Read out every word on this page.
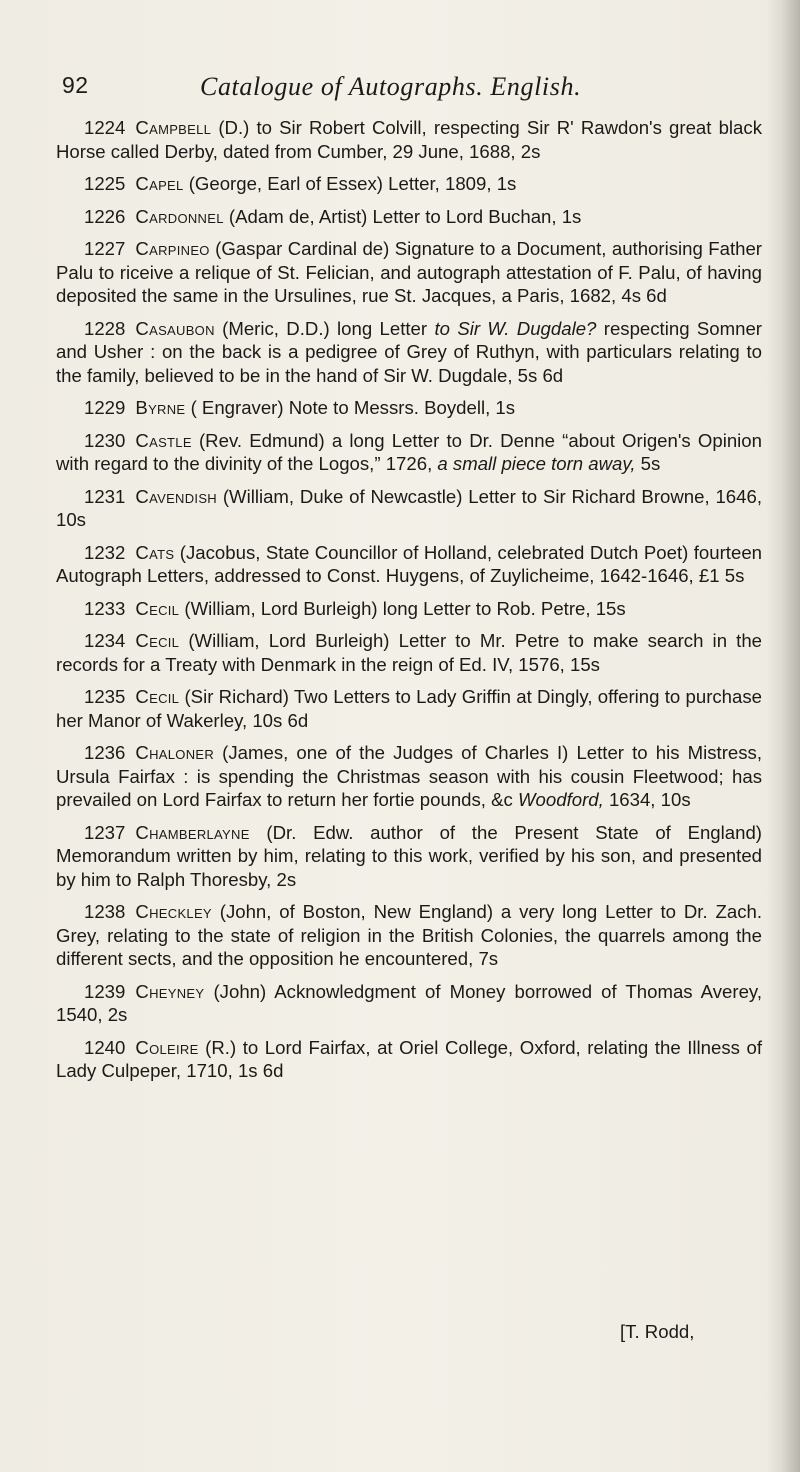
92	Catalogue of Autographs. English.

1224 Campbell (D.) to Sir Robert Colvill, respecting Sir R' Rawdon's great black Horse called Derby, dated from Cumber, 29 June, 1688, 2s

1225 Capel (George, Earl of Essex) Letter, 1809, 1s

1226 Cardonnel (Adam de, Artist) Letter to Lord Buchan, 1s

1227 Carpineo (Gaspar Cardinal de) Signature to a Document, authorising Father Palu to riceive a relique of St. Felician, and autograph attestation of F. Palu, of having deposited the same in the Ursulines, rue St. Jacques, a Paris, 1682, 4s 6d

1228 Casaubon (Meric, D.D.) long Letter to Sir W. Dugdale? respecting Somner and Usher : on the back is a pedigree of Grey of Ruthyn, with particulars relating to the family, believed to be in the hand of Sir W. Dugdale, 5s 6d

1229 Byrne ( Engraver) Note to Messrs. Boydell, 1s

1230 Castle (Rev. Edmund) a long Letter to Dr. Denne “about Origen's Opinion with regard to the divinity of the Logos,” 1726, a small piece torn away, 5s

1231 Cavendish (William, Duke of Newcastle) Letter to Sir Richard Browne, 1646, 10s

1232 Cats (Jacobus, State Councillor of Holland, celebrated Dutch Poet) fourteen Autograph Letters, addressed to Const. Huygens, of Zuylicheime, 1642-1646, £1 5s

1233 Cecil (William, Lord Burleigh) long Letter to Rob. Petre, 15s

1234 Cecil (William, Lord Burleigh) Letter to Mr. Petre to make search in the records for a Treaty with Denmark in the reign of Ed. IV, 1576, 15s

1235 Cecil (Sir Richard) Two Letters to Lady Griffin at Dingly, offering to purchase her Manor of Wakerley, 10s 6d

1236 Chaloner (James, one of the Judges of Charles I) Letter to his Mistress, Ursula Fairfax : is spending the Christmas season with his cousin Fleetwood; has prevailed on Lord Fairfax to return her fortie pounds, &c Woodford, 1634, 10s

1237 Chamberlayne (Dr. Edw. author of the Present State of England) Memorandum written by him, relating to this work, verified by his son, and presented by him to Ralph Thoresby, 2s

1238 Checkley (John, of Boston, New England) a very long Letter to Dr. Zach. Grey, relating to the state of religion in the British Colonies, the quarrels among the different sects, and the opposition he encountered, 7s

1239 Cheyney (John) Acknowledgment of Money borrowed of Thomas Averey, 1540, 2s

1240 Coleire (R.) to Lord Fairfax, at Oriel College, Oxford, relating the Illness of Lady Culpeper, 1710, 1s 6d

[T. Rodd,
